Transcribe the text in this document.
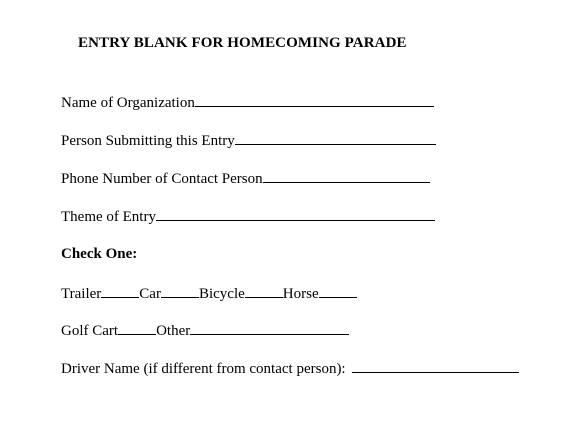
ENTRY BLANK FOR HOMECOMING PARADE
Name of Organization
Person Submitting this Entry
Phone Number of Contact Person
Theme of Entry
Check One:
Trailer	Car	Bicycle	Horse
Golf Cart	Other
Driver Name (if different from contact person):
